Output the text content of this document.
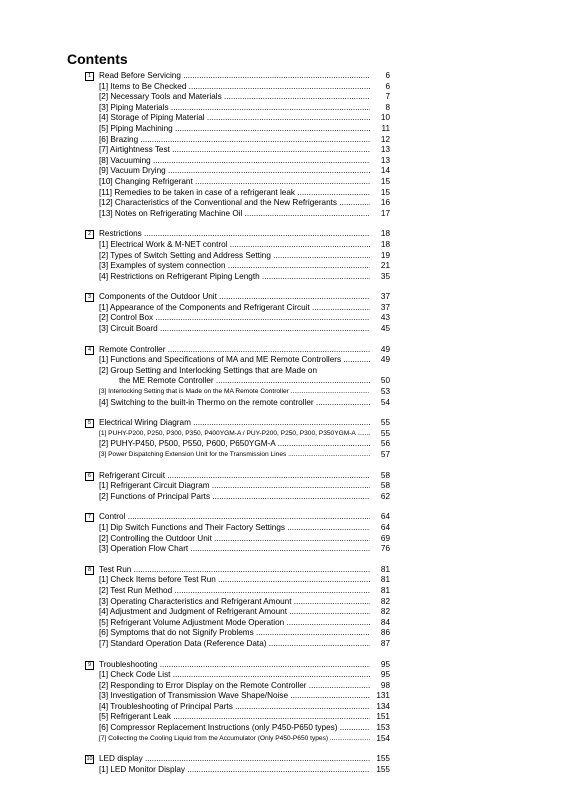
Contents
1 Read Before Servicing .....	6
[1] Items to Be Checked .....	6
[2] Necessary Tools and Materials .....	7
[3] Piping Materials .....	8
[4] Storage of Piping Material .....	10
[5] Piping Machining .....	11
[6] Brazing .....	12
[7] Airtightness Test .....	13
[8] Vacuuming .....	13
[9] Vacuum Drying .....	14
[10] Changing Refrigerant .....	15
[11] Remedies to be taken in case of a refrigerant leak .....	15
[12] Characteristics of the Conventional and the New Refrigerants .....	16
[13] Notes on Refrigerating Machine Oil .....	17
2 Restrictions .....	18
[1] Electrical Work & M-NET control .....	18
[2] Types of Switch Setting and Address Setting .....	19
[3] Examples of system connection .....	21
[4] Restrictions on Refrigerant Piping Length .....	35
3 Components of the Outdoor Unit .....	37
[1] Appearance of the Components and Refrigerant Circuit .....	37
[2] Control Box .....	43
[3] Circuit Board .....	45
4 Remote Controller .....	49
[1] Functions and Specifications of MA and ME Remote Controllers .....	49
[2] Group Setting and Interlocking Settings that are Made on
the ME Remote Controller .....	50
[3] Interlocking Setting that is Made on the MA Remote Controller .....	53
[4] Switching to the built-in Thermo on the remote controller .....	54
5 Electrical Wiring Diagram .....	55
[1] PUHY-P200, P250, P300, P350, P400YGM-A / PUY-P200, P250, P300, P350YGM-A .....	55
[2] PUHY-P450, P500, P550, P600, P650YGM-A .....	56
[3] Power Dispatching Extension Unit for the Transmission Lines .....	57
6 Refrigerant Circuit .....	58
[1] Refrigerant Circuit Diagram .....	58
[2] Functions of Principal Parts .....	62
7 Control .....	64
[1] Dip Switch Functions and Their Factory Settings .....	64
[2] Controlling the Outdoor Unit .....	69
[3] Operation Flow Chart .....	76
8 Test Run .....	81
[1] Check Items before Test Run .....	81
[2] Test Run Method .....	81
[3] Operating Characteristics and Refrigerant Amount .....	82
[4] Adjustment and Judgment of Refrigerant Amount .....	82
[5] Refrigerant Volume Adjustment Mode Operation .....	84
[6] Symptoms that do not Signify Problems .....	86
[7] Standard Operation Data (Reference Data) .....	87
9 Troubleshooting .....	95
[1] Check Code List .....	95
[2] Responding to Error Display on the Remote Controller .....	98
[3] Investigation of Transmission Wave Shape/Noise .....	131
[4] Troubleshooting of Principal Parts .....	134
[5] Refrigerant Leak .....	151
[6] Compressor Replacement Instructions (only P450-P650 types) .....	153
[7] Collecting the Cooling Liquid from the Accumulator (Only P450-P650 types) .....	154
10 LED display .....	155
[1] LED Monitor Display .....	155
